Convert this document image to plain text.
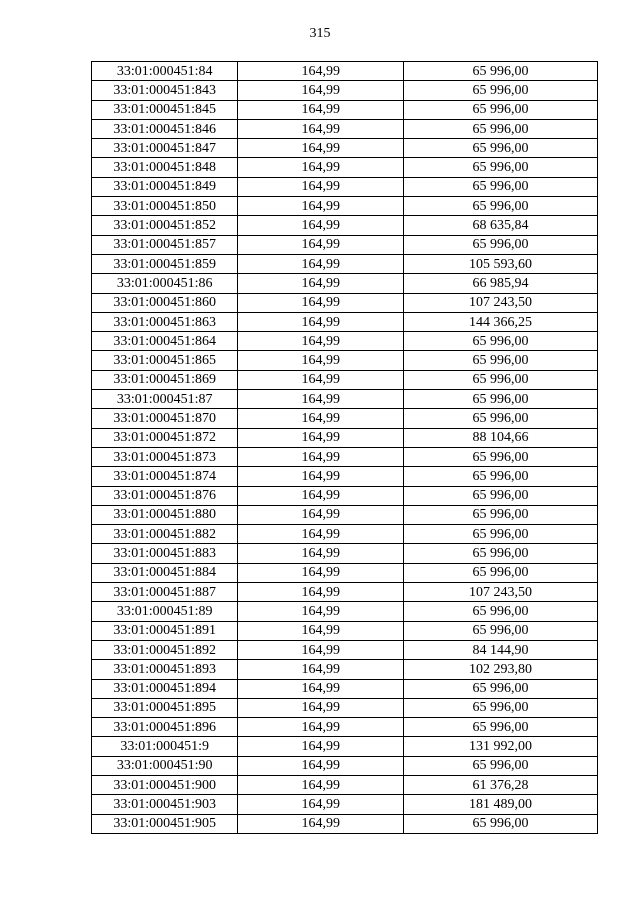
315
33:01:000451:84	164,99	65 996,00
33:01:000451:843	164,99	65 996,00
33:01:000451:845	164,99	65 996,00
33:01:000451:846	164,99	65 996,00
33:01:000451:847	164,99	65 996,00
33:01:000451:848	164,99	65 996,00
33:01:000451:849	164,99	65 996,00
33:01:000451:850	164,99	65 996,00
33:01:000451:852	164,99	68 635,84
33:01:000451:857	164,99	65 996,00
33:01:000451:859	164,99	105 593,60
33:01:000451:86	164,99	66 985,94
33:01:000451:860	164,99	107 243,50
33:01:000451:863	164,99	144 366,25
33:01:000451:864	164,99	65 996,00
33:01:000451:865	164,99	65 996,00
33:01:000451:869	164,99	65 996,00
33:01:000451:87	164,99	65 996,00
33:01:000451:870	164,99	65 996,00
33:01:000451:872	164,99	88 104,66
33:01:000451:873	164,99	65 996,00
33:01:000451:874	164,99	65 996,00
33:01:000451:876	164,99	65 996,00
33:01:000451:880	164,99	65 996,00
33:01:000451:882	164,99	65 996,00
33:01:000451:883	164,99	65 996,00
33:01:000451:884	164,99	65 996,00
33:01:000451:887	164,99	107 243,50
33:01:000451:89	164,99	65 996,00
33:01:000451:891	164,99	65 996,00
33:01:000451:892	164,99	84 144,90
33:01:000451:893	164,99	102 293,80
33:01:000451:894	164,99	65 996,00
33:01:000451:895	164,99	65 996,00
33:01:000451:896	164,99	65 996,00
33:01:000451:9	164,99	131 992,00
33:01:000451:90	164,99	65 996,00
33:01:000451:900	164,99	61 376,28
33:01:000451:903	164,99	181 489,00
33:01:000451:905	164,99	65 996,00
